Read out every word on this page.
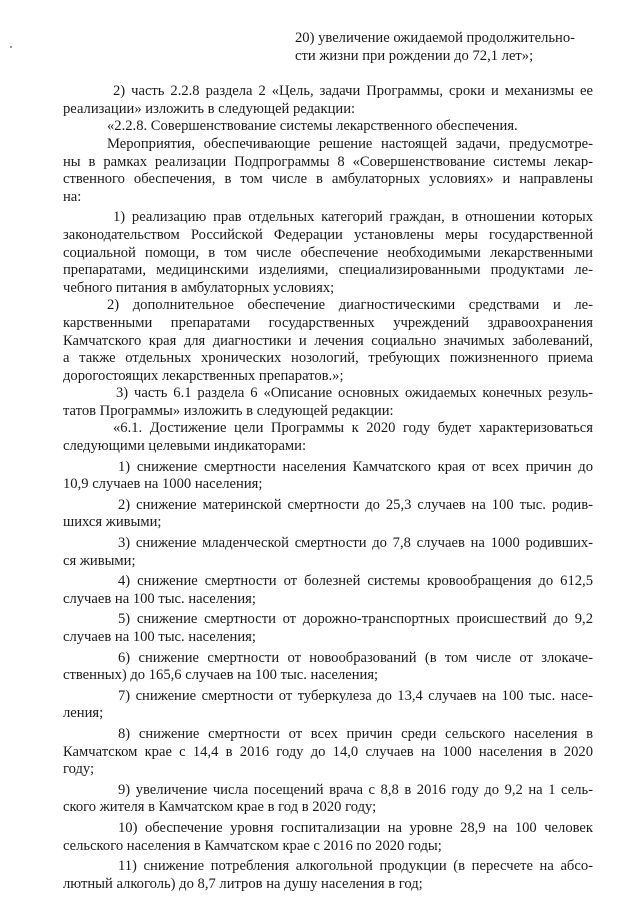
20) увеличение ожидаемой продолжительно-
сти жизни при рождении до 72,1 лет»;
2) часть 2.2.8 раздела 2 «Цель, задачи Программы, сроки и механизмы ее
реализации» изложить в следующей редакции:
«2.2.8. Совершенствование системы лекарственного обеспечения.
Мероприятия, обеспечивающие решение настоящей задачи, предусмотре-
ны в рамках реализации Подпрограммы 8 «Совершенствование системы лекар-
ственного обеспечения, в том числе в амбулаторных условиях» и направлены
на:
1) реализацию прав отдельных категорий граждан, в отношении которых
законодательством Российской Федерации установлены меры государственной
социальной помощи, в том числе обеспечение необходимыми лекарственными
препаратами, медицинскими изделиями, специализированными продуктами ле-
чебного питания в амбулаторных условиях;
2) дополнительное обеспечение диагностическими средствами и ле-
карственными препаратами государственных учреждений здравоохранения
Камчатского края для диагностики и лечения социально значимых заболеваний,
а также отдельных хронических нозологий, требующих пожизненного приема
дорогостоящих лекарственных препаратов.»;
3) часть 6.1 раздела 6 «Описание основных ожидаемых конечных резуль-
татов Программы» изложить в следующей редакции:
«6.1. Достижение цели Программы к 2020 году будет характеризоваться
следующими целевыми индикаторами:
1) снижение смертности населения Камчатского края от всех причин до
10,9 случаев на 1000 населения;
2) снижение материнской смертности до 25,3 случаев на 100 тыс. родив-
шихся живыми;
3) снижение младенческой смертности до 7,8 случаев на 1000 родивших-
ся живыми;
4) снижение смертности от болезней системы кровообращения до 612,5
случаев на 100 тыс. населения;
5) снижение смертности от дорожно-транспортных происшествий до 9,2
случаев на 100 тыс. населения;
6) снижение смертности от новообразований (в том числе от злокаче-
ственных) до 165,6 случаев на 100 тыс. населения;
7) снижение смертности от туберкулеза до 13,4 случаев на 100 тыс. насе-
ления;
8) снижение смертности от всех причин среди сельского населения в
Камчатском крае с 14,4 в 2016 году до 14,0 случаев на 1000 населения в 2020
году;
9) увеличение числа посещений врача с 8,8 в 2016 году до 9,2 на 1 сель-
ского жителя в Камчатском крае в год в 2020 году;
10) обеспечение уровня госпитализации на уровне 28,9 на 100 человек
сельского населения в Камчатском крае с 2016 по 2020 годы;
11) снижение потребления алкогольной продукции (в пересчете на абсо-
лютный алкоголь) до 8,7 литров на душу населения в год;
